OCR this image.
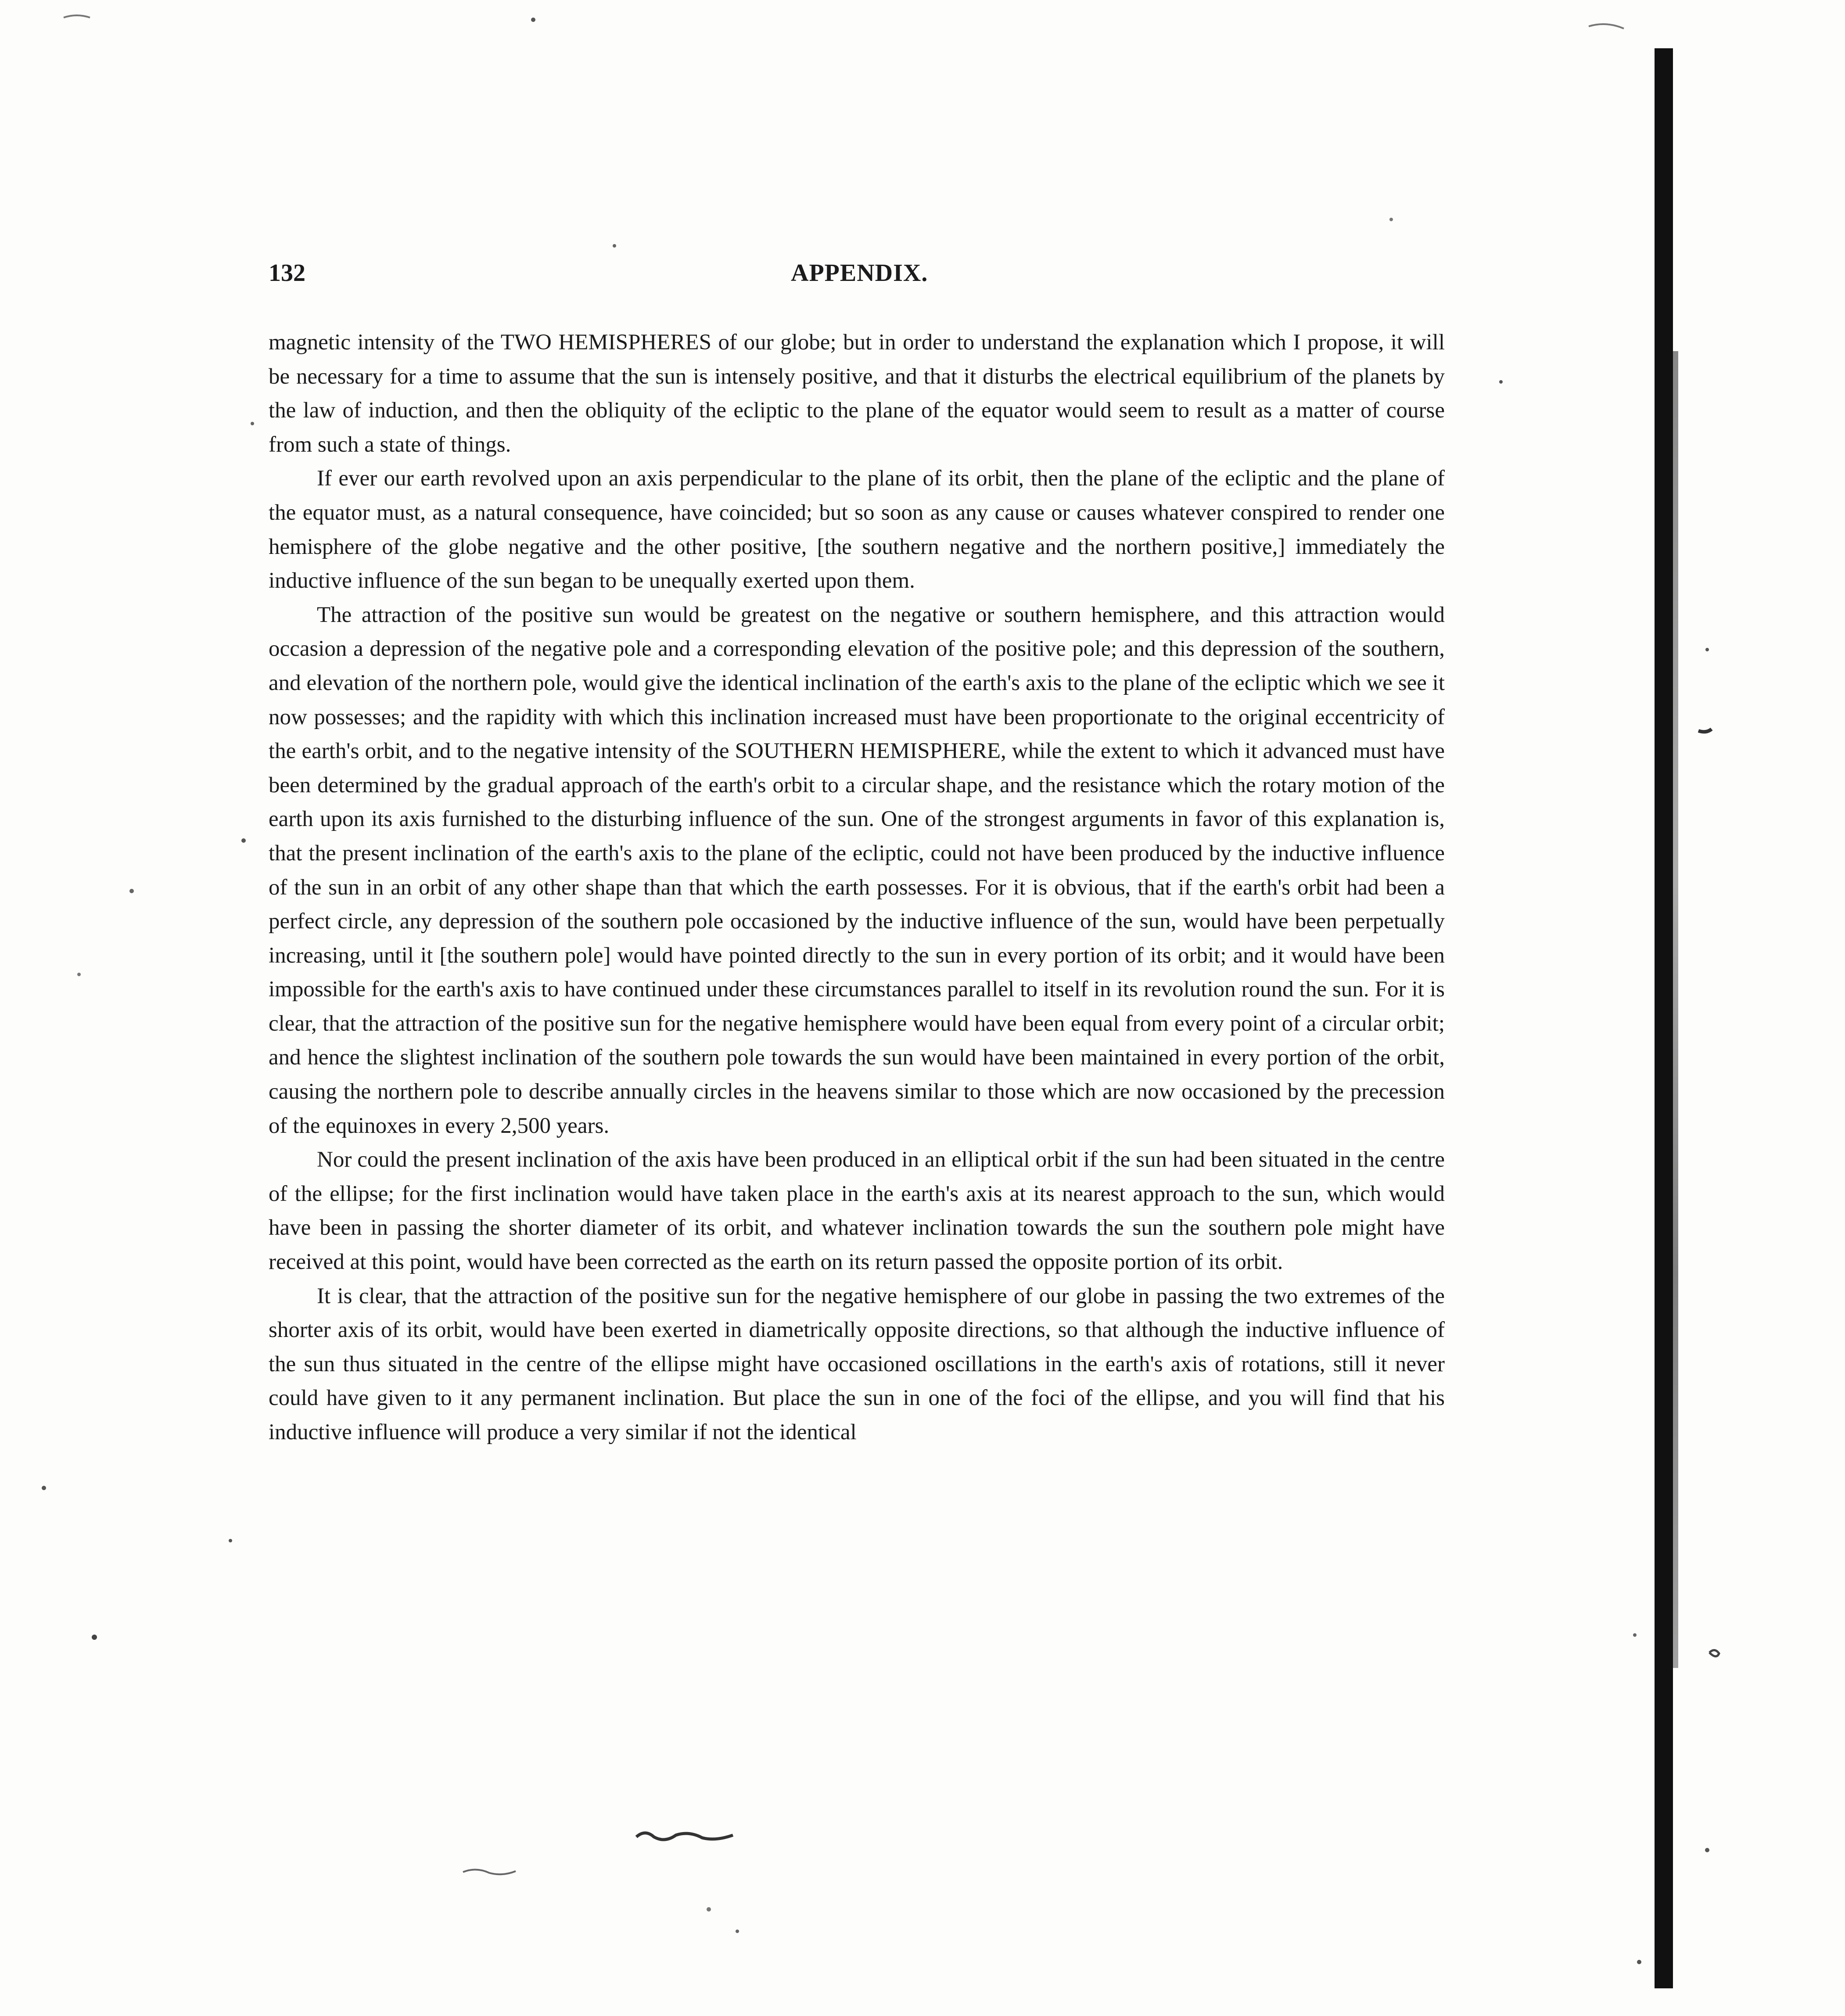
132	APPENDIX.

magnetic intensity of the TWO HEMISPHERES of our globe; but in order to understand the explanation which I propose, it will be necessary for a time to assume that the sun is intensely positive, and that it disturbs the electrical equilibrium of the planets by the law of induction, and then the obliquity of the ecliptic to the plane of the equator would seem to result as a matter of course from such a state of things.

If ever our earth revolved upon an axis perpendicular to the plane of its orbit, then the plane of the ecliptic and the plane of the equator must, as a natural consequence, have coincided; but so soon as any cause or causes whatever conspired to render one hemisphere of the globe negative and the other positive, [the southern negative and the northern positive,] immediately the inductive influence of the sun began to be unequally exerted upon them.

The attraction of the positive sun would be greatest on the negative or southern hemisphere, and this attraction would occasion a depression of the negative pole and a corresponding elevation of the positive pole; and this depression of the southern, and elevation of the northern pole, would give the identical inclination of the earth's axis to the plane of the ecliptic which we see it now possesses; and the rapidity with which this inclination increased must have been proportionate to the original eccentricity of the earth's orbit, and to the negative intensity of the SOUTHERN HEMISPHERE, while the extent to which it advanced must have been determined by the gradual approach of the earth's orbit to a circular shape, and the resistance which the rotary motion of the earth upon its axis furnished to the disturbing influence of the sun. One of the strongest arguments in favor of this explanation is, that the present inclination of the earth's axis to the plane of the ecliptic, could not have been produced by the inductive influence of the sun in an orbit of any other shape than that which the earth possesses. For it is obvious, that if the earth's orbit had been a perfect circle, any depression of the southern pole occasioned by the inductive influence of the sun, would have been perpetually increasing, until it [the southern pole] would have pointed directly to the sun in every portion of its orbit; and it would have been impossible for the earth's axis to have continued under these circumstances parallel to itself in its revolution round the sun. For it is clear, that the attraction of the positive sun for the negative hemisphere would have been equal from every point of a circular orbit; and hence the slightest inclination of the southern pole towards the sun would have been maintained in every portion of the orbit, causing the northern pole to describe annually circles in the heavens similar to those which are now occasioned by the precession of the equinoxes in every 2,500 years.

Nor could the present inclination of the axis have been produced in an elliptical orbit if the sun had been situated in the centre of the ellipse; for the first inclination would have taken place in the earth's axis at its nearest approach to the sun, which would have been in passing the shorter diameter of its orbit, and whatever inclination towards the sun the southern pole might have received at this point, would have been corrected as the earth on its return passed the opposite portion of its orbit.

It is clear, that the attraction of the positive sun for the negative hemisphere of our globe in passing the two extremes of the shorter axis of its orbit, would have been exerted in diametrically opposite directions, so that although the inductive influence of the sun thus situated in the centre of the ellipse might have occasioned oscillations in the earth's axis of rotations, still it never could have given to it any permanent inclination. But place the sun in one of the foci of the ellipse, and you will find that his inductive influence will produce a very similar if not the identical
